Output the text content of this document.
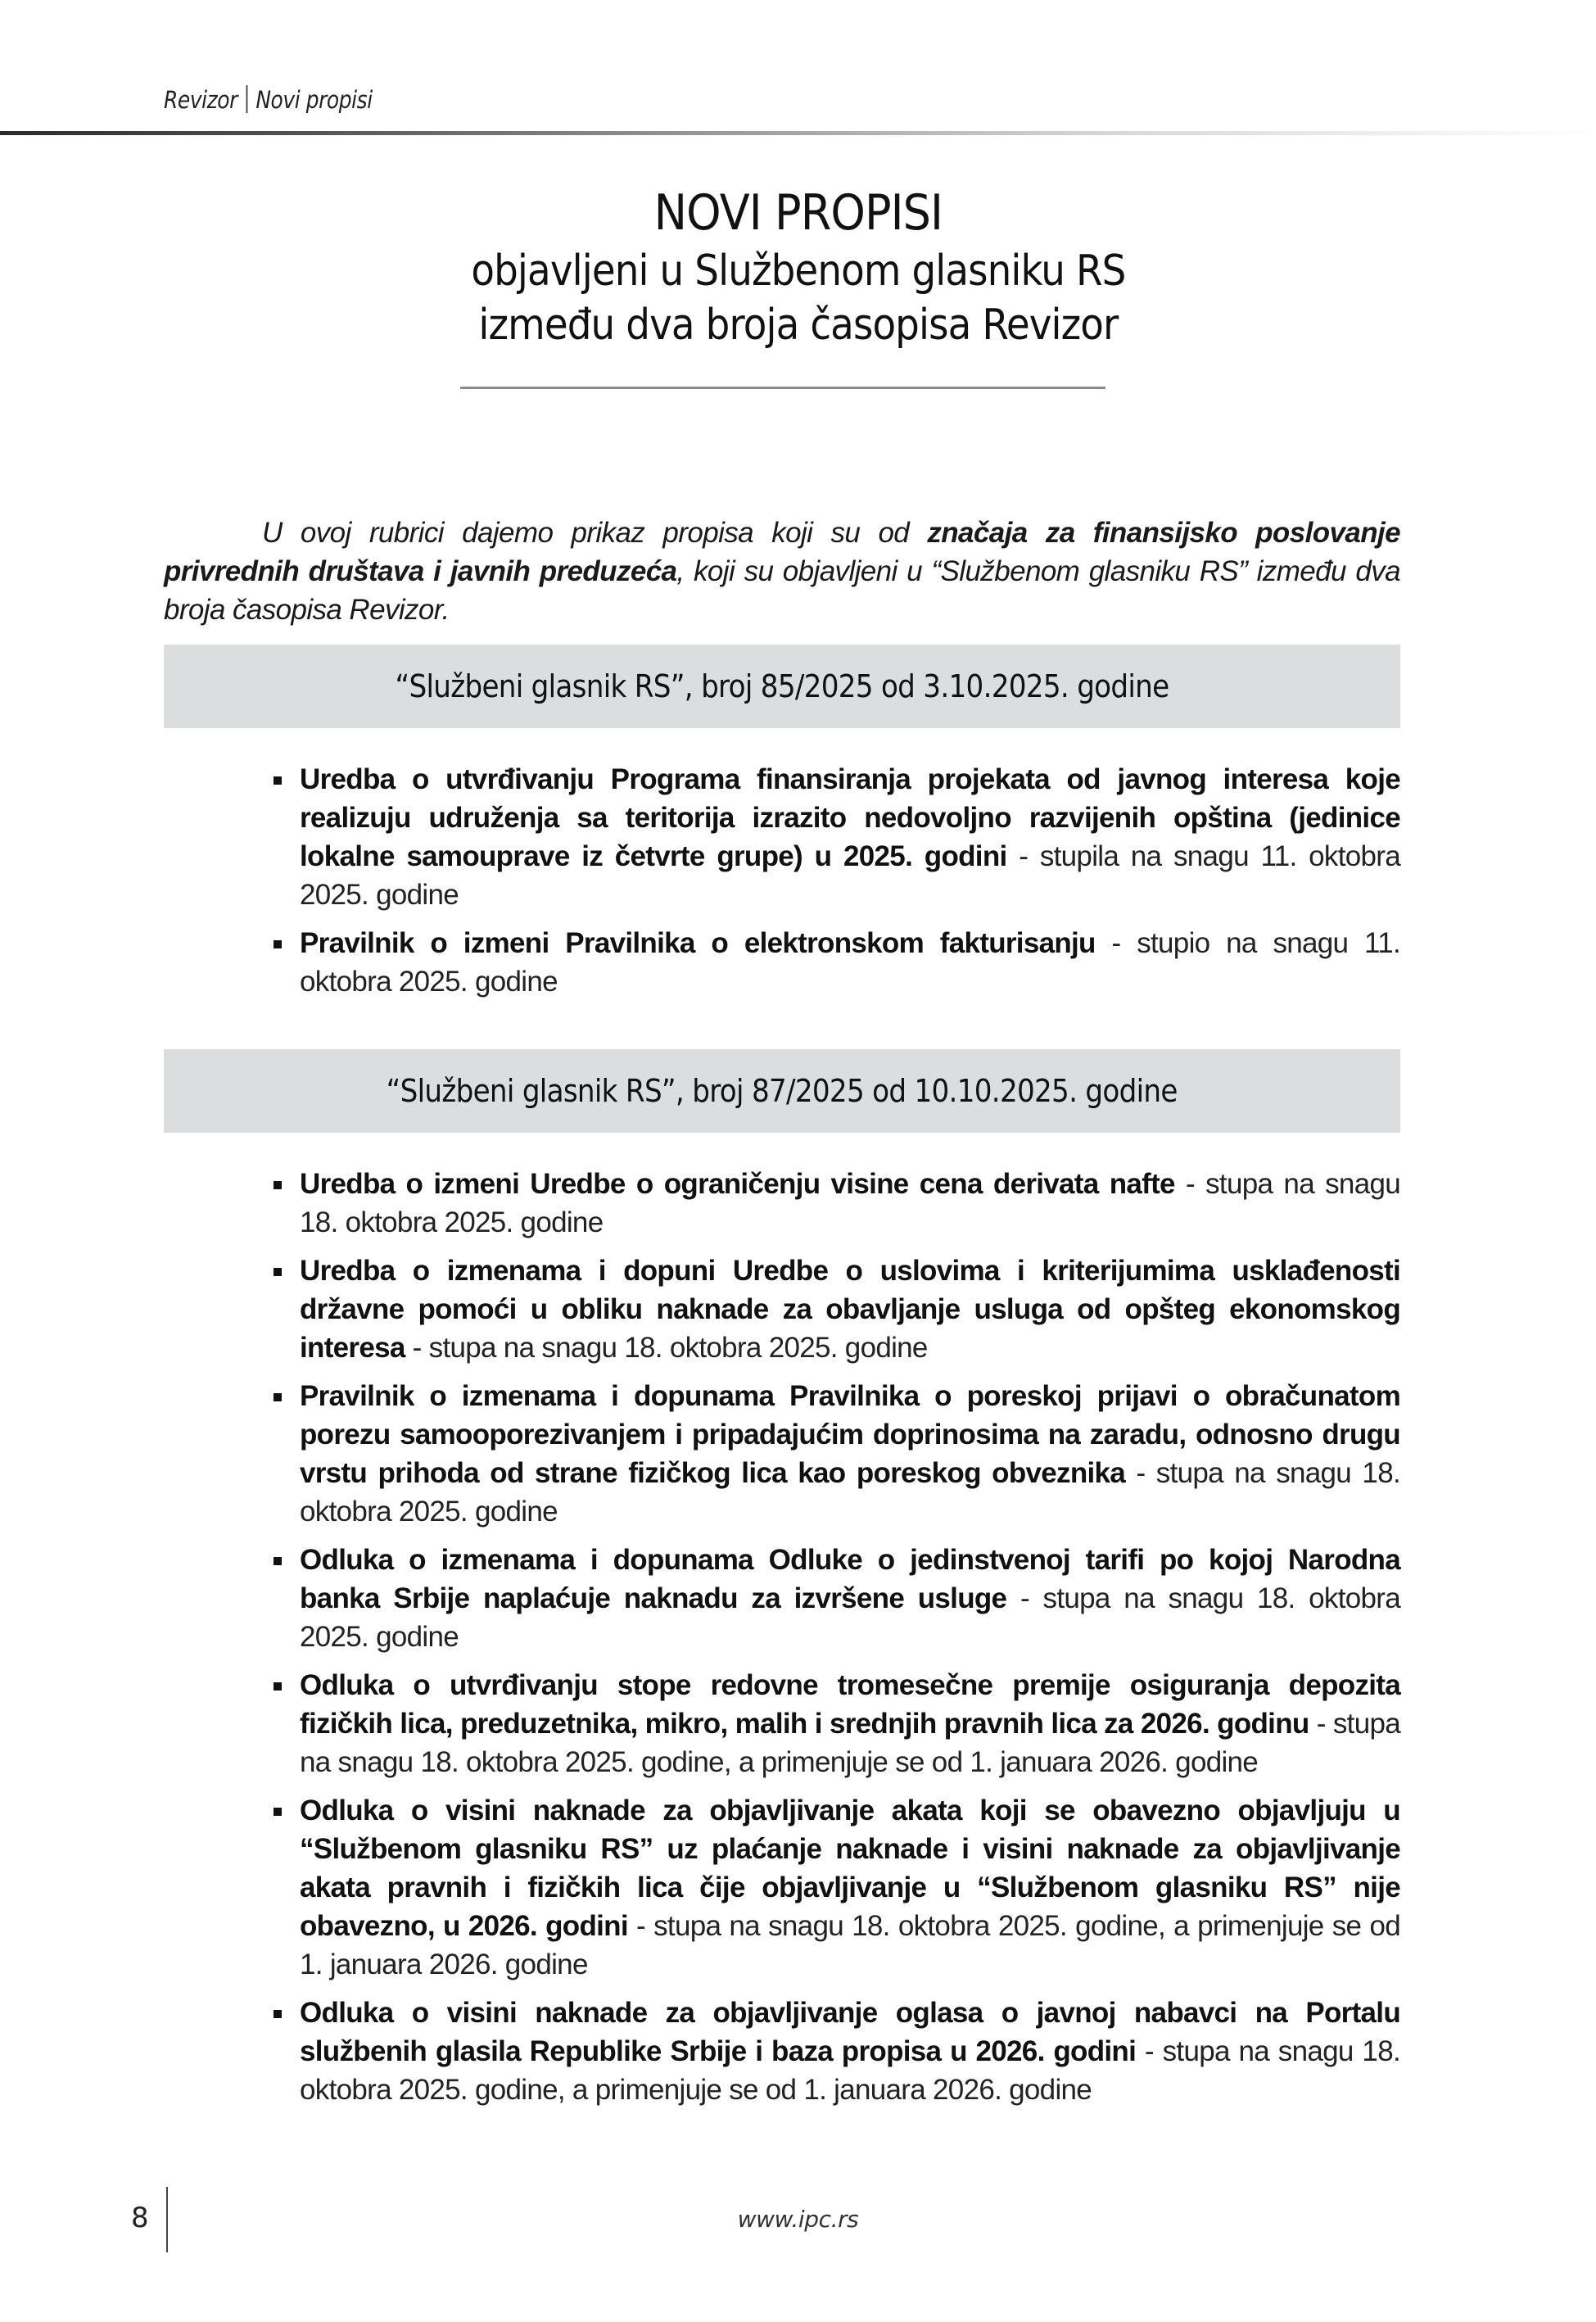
Revizor Novi propisi
NOVI PROPISI
objavljeni u Službenom glasniku RS
između dva broja časopisa Revizor

U ovoj rubrici dajemo prikaz propisa koji su od značaja za finansijsko poslovanje privrednih društava i javnih preduzeća, koji su objavljeni u “Službenom glasniku RS” između dva broja časopisa Revizor.

“Službeni glasnik RS”, broj 85/2025 od 3.10.2025. godine
Uredba o utvrđivanju Programa finansiranja projekata od javnog interesa koje realizuju udruženja sa teritorija izrazito nedovoljno razvijenih opština (jedinice lokalne samouprave iz četvrte grupe) u 2025. godini - stupila na snagu 11. oktobra 2025. godine
Pravilnik o izmeni Pravilnika o elektronskom fakturisanju - stupio na snagu 11. oktobra 2025. godine
“Službeni glasnik RS”, broj 87/2025 od 10.10.2025. godine
Uredba o izmeni Uredbe o ograničenju visine cena derivata nafte - stupa na snagu 18. oktobra 2025. godine
Uredba o izmenama i dopuni Uredbe o uslovima i kriterijumima usklađenosti državne pomoći u obliku naknade za obavljanje usluga od opšteg ekonomskog interesa - stupa na snagu 18. oktobra 2025. godine
Pravilnik o izmenama i dopunama Pravilnika o poreskoj prijavi o obračunatom porezu samooporezivanjem i pripadajućim doprinosima na zaradu, odnosno drugu vrstu prihoda od strane fizičkog lica kao poreskog obveznika - stupa na snagu 18. oktobra 2025. godine
Odluka o izmenama i dopunama Odluke o jedinstvenoj tarifi po kojoj Narodna banka Srbije naplaćuje naknadu za izvršene usluge - stupa na snagu 18. oktobra 2025. godine
Odluka o utvrđivanju stope redovne tromesečne premije osiguranja depozita fizičkih lica, preduzetnika, mikro, malih i srednjih pravnih lica za 2026. godinu - stupa na snagu 18. oktobra 2025. godine, a primenjuje se od 1. januara 2026. godine
Odluka o visini naknade za objavljivanje akata koji se obavezno objavljuju u “Službenom glasniku RS” uz plaćanje naknade i visini naknade za objavljivanje akata pravnih i fizičkih lica čije objavljivanje u “Službenom glasniku RS” nije obavezno, u 2026. godini - stupa na snagu 18. oktobra 2025. godine, a primenjuje se od 1. januara 2026. godine
Odluka o visini naknade za objavljivanje oglasa o javnoj nabavci na Portalu službenih glasila Republike Srbije i baza propisa u 2026. godini - stupa na snagu 18. oktobra 2025. godine, a primenjuje se od 1. januara 2026. godine
8	www.ipc.rs
